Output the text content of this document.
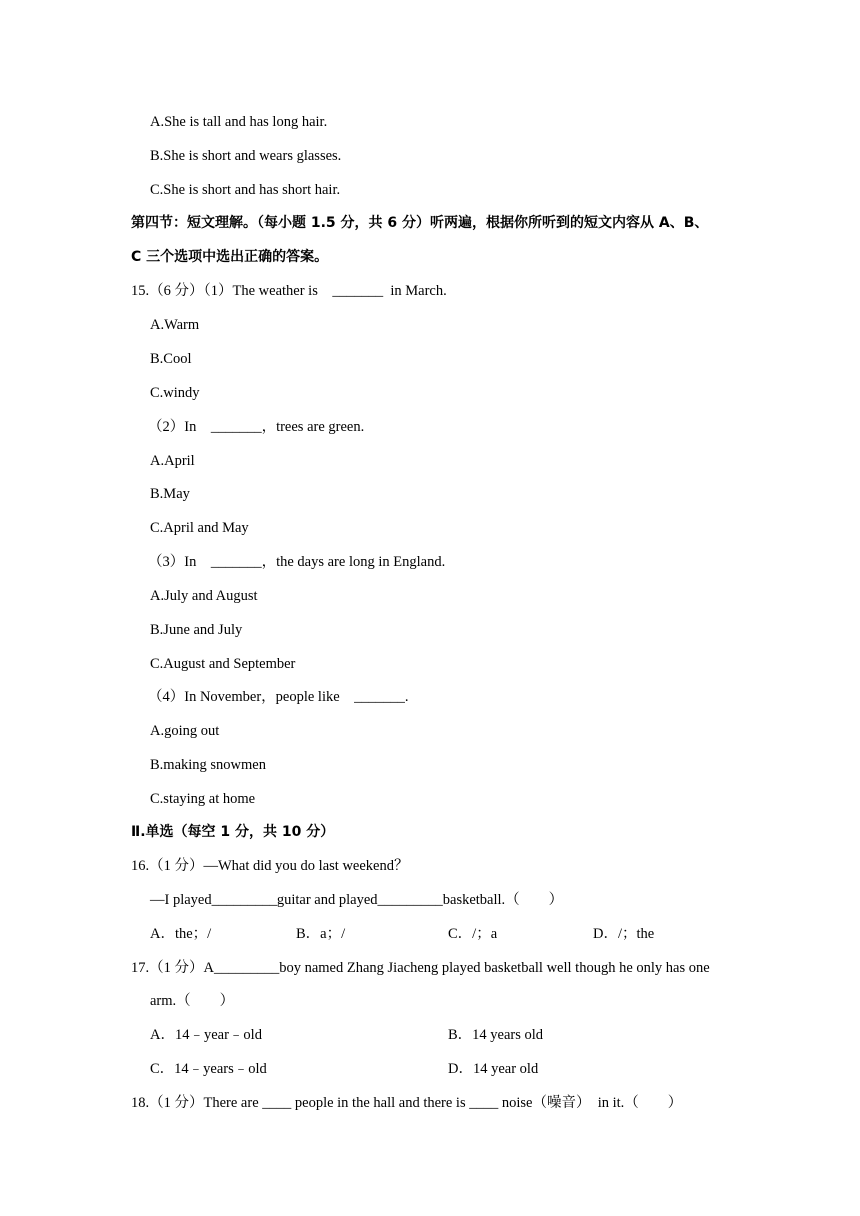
A.She is tall and has long hair.
B.She is short and wears glasses.
C.She is short and has short hair.
第四节：短文理解。（每小题 1.5 分，共 6 分）听两遍，根据你所听到的短文内容从 A、B、
C 三个选项中选出正确的答案。
15.（6 分）（1）The weather is    _______  in March.
A.Warm
B.Cool
C.windy
（2）In    _______，trees are green.
A.April
B.May
C.April and May
（3）In    _______，the days are long in England.
A.July and August
B.June and July
C.August and September
（4）In November，people like    _______.
A.going out
B.making snowmen
C.staying at home
Ⅱ.单选（每空 1 分，共 10 分）
16.（1 分）—What did you do last weekend？
—I played_________guitar and played_________basketball.（　　）
A．the；/	B．a；/	C．/；a	D．/；the
17.（1 分）A_________boy named Zhang Jiacheng played basketball well though he only has one
arm.（　　）
A．14﹣year﹣old	B．14 years old
C．14﹣years﹣old	D．14 year old
18.（1 分）There are ____ people in the hall and there is ____ noise（噪音）  in it.（　　）
